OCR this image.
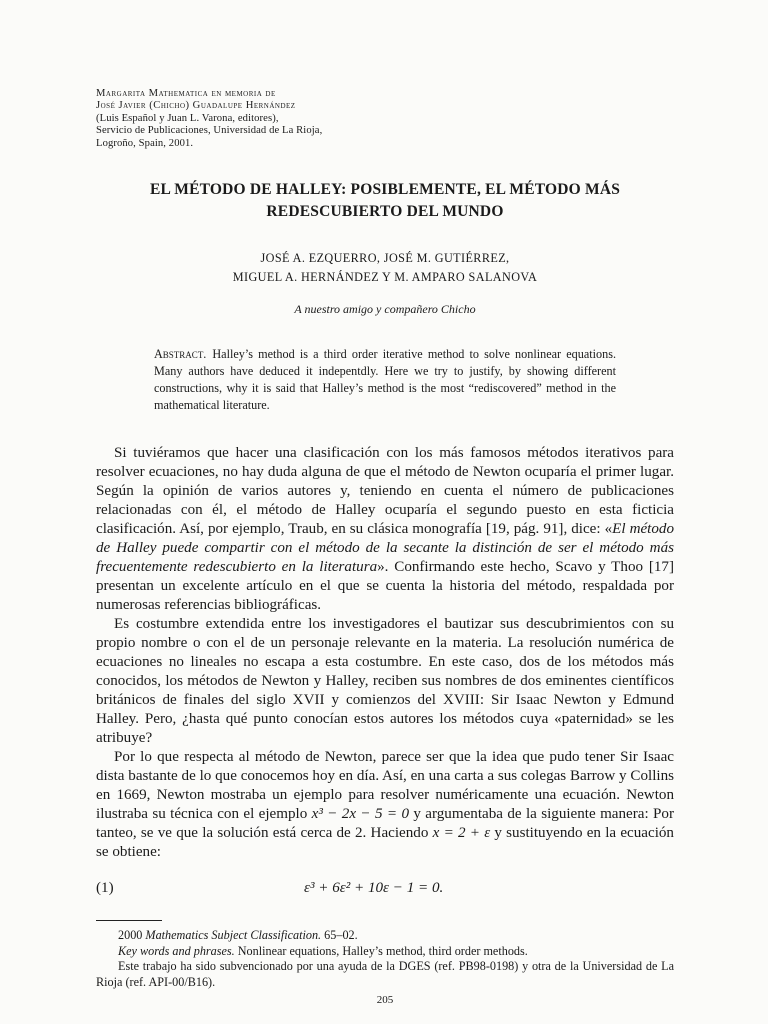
Margarita Mathematica en memoria de
José Javier (Chicho) Guadalupe Hernández
(Luis Español y Juan L. Varona, editores),
Servicio de Publicaciones, Universidad de La Rioja,
Logroño, Spain, 2001.
EL MÉTODO DE HALLEY: POSIBLEMENTE, EL MÉTODO MÁS
REDESCUBIERTO DEL MUNDO
JOSÉ A. EZQUERRO, JOSÉ M. GUTIÉRREZ,
MIGUEL A. HERNÁNDEZ Y M. AMPARO SALANOVA
A nuestro amigo y compañero Chicho
Abstract. Halley’s method is a third order iterative method to solve nonlinear equations. Many authors have deduced it indepentdly. Here we try to justify, by showing different constructions, why it is said that Halley’s method is the most “rediscovered” method in the mathematical literature.

Si tuviéramos que hacer una clasificación con los más famosos métodos iterativos para resolver ecuaciones, no hay duda alguna de que el método de Newton ocuparía el primer lugar. Según la opinión de varios autores y, teniendo en cuenta el número de publicaciones relacionadas con él, el método de Halley ocuparía el segundo puesto en esta ficticia clasificación. Así, por ejemplo, Traub, en su clásica monografía [19, pág. 91], dice: «El método de Halley puede compartir con el método de la secante la distinción de ser el método más frecuentemente redescubierto en la literatura». Confirmando este hecho, Scavo y Thoo [17] presentan un excelente artículo en el que se cuenta la historia del método, respaldada por numerosas referencias bibliográficas.

Es costumbre extendida entre los investigadores el bautizar sus descubrimientos con su propio nombre o con el de un personaje relevante en la materia. La resolución numérica de ecuaciones no lineales no escapa a esta costumbre. En este caso, dos de los métodos más conocidos, los métodos de Newton y Halley, reciben sus nombres de dos eminentes científicos británicos de finales del siglo XVII y comienzos del XVIII: Sir Isaac Newton y Edmund Halley. Pero, ¿hasta qué punto conocían estos autores los métodos cuya «paternidad» se les atribuye?

Por lo que respecta al método de Newton, parece ser que la idea que pudo tener Sir Isaac dista bastante de lo que conocemos hoy en día. Así, en una carta a sus colegas Barrow y Collins en 1669, Newton mostraba un ejemplo para resolver numéricamente una ecuación. Newton ilustraba su técnica con el ejemplo x³ − 2x − 5 = 0 y argumentaba de la siguiente manera: Por tanteo, se ve que la solución está cerca de 2. Haciendo x = 2 + ε y sustituyendo en la ecuación se obtiene:

(1)	ε³ + 6ε² + 10ε − 1 = 0.

2000 Mathematics Subject Classification. 65–02.

Key words and phrases. Nonlinear equations, Halley’s method, third order methods.

Este trabajo ha sido subvencionado por una ayuda de la DGES (ref. PB98-0198) y otra de la Universidad de La Rioja (ref. API-00/B16).

205
